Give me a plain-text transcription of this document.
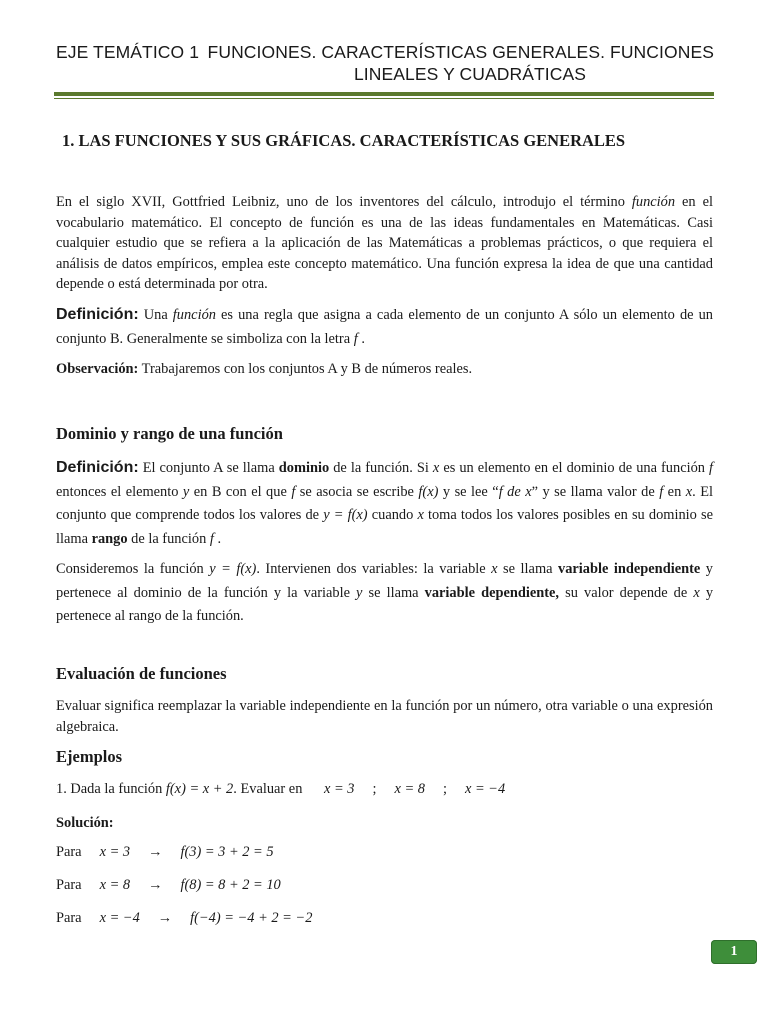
EJE TEMÁTICO 1 FUNCIONES. CARACTERÍSTICAS GENERALES. FUNCIONES
LINEALES Y CUADRÁTICAS
1. LAS FUNCIONES Y SUS GRÁFICAS. CARACTERÍSTICAS GENERALES

En el siglo XVII, Gottfried Leibniz, uno de los inventores del cálculo, introdujo el término función en el vocabulario matemático. El concepto de función es una de las ideas fundamentales en Matemáticas. Casi cualquier estudio que se refiera a la aplicación de las Matemáticas a problemas prácticos, o que requiera el análisis de datos empíricos, emplea este concepto matemático. Una función expresa la idea de que una cantidad depende o está determinada por otra.

Definición: Una función es una regla que asigna a cada elemento de un conjunto A sólo un elemento de un conjunto B. Generalmente se simboliza con la letra f .

Observación: Trabajaremos con los conjuntos A y B de números reales.

Dominio y rango de una función

Definición: El conjunto A se llama dominio de la función. Si x es un elemento en el dominio de una función f entonces el elemento y en B con el que f se asocia se escribe f(x) y se lee “f de x” y se llama valor de f en x. El conjunto que comprende todos los valores de y = f(x) cuando x toma todos los valores posibles en su dominio se llama rango de la función f .

Consideremos la función y = f(x). Intervienen dos variables: la variable x se llama variable independiente y pertenece al dominio de la función y la variable y se llama variable dependiente, su valor depende de x y pertenece al rango de la función.

Evaluación de funciones

Evaluar significa reemplazar la variable independiente en la función por un número, otra variable o una expresión algebraica.

Ejemplos

1. Dada la función f(x) = x + 2. Evaluar en x = 3 ; x = 8 ; x = −4

Solución:

Para x = 3 → f(3) = 3 + 2 = 5

Para x = 8 → f(8) = 8 + 2 = 10

Para x = −4 → f(−4) = −4 + 2 = −2

1
